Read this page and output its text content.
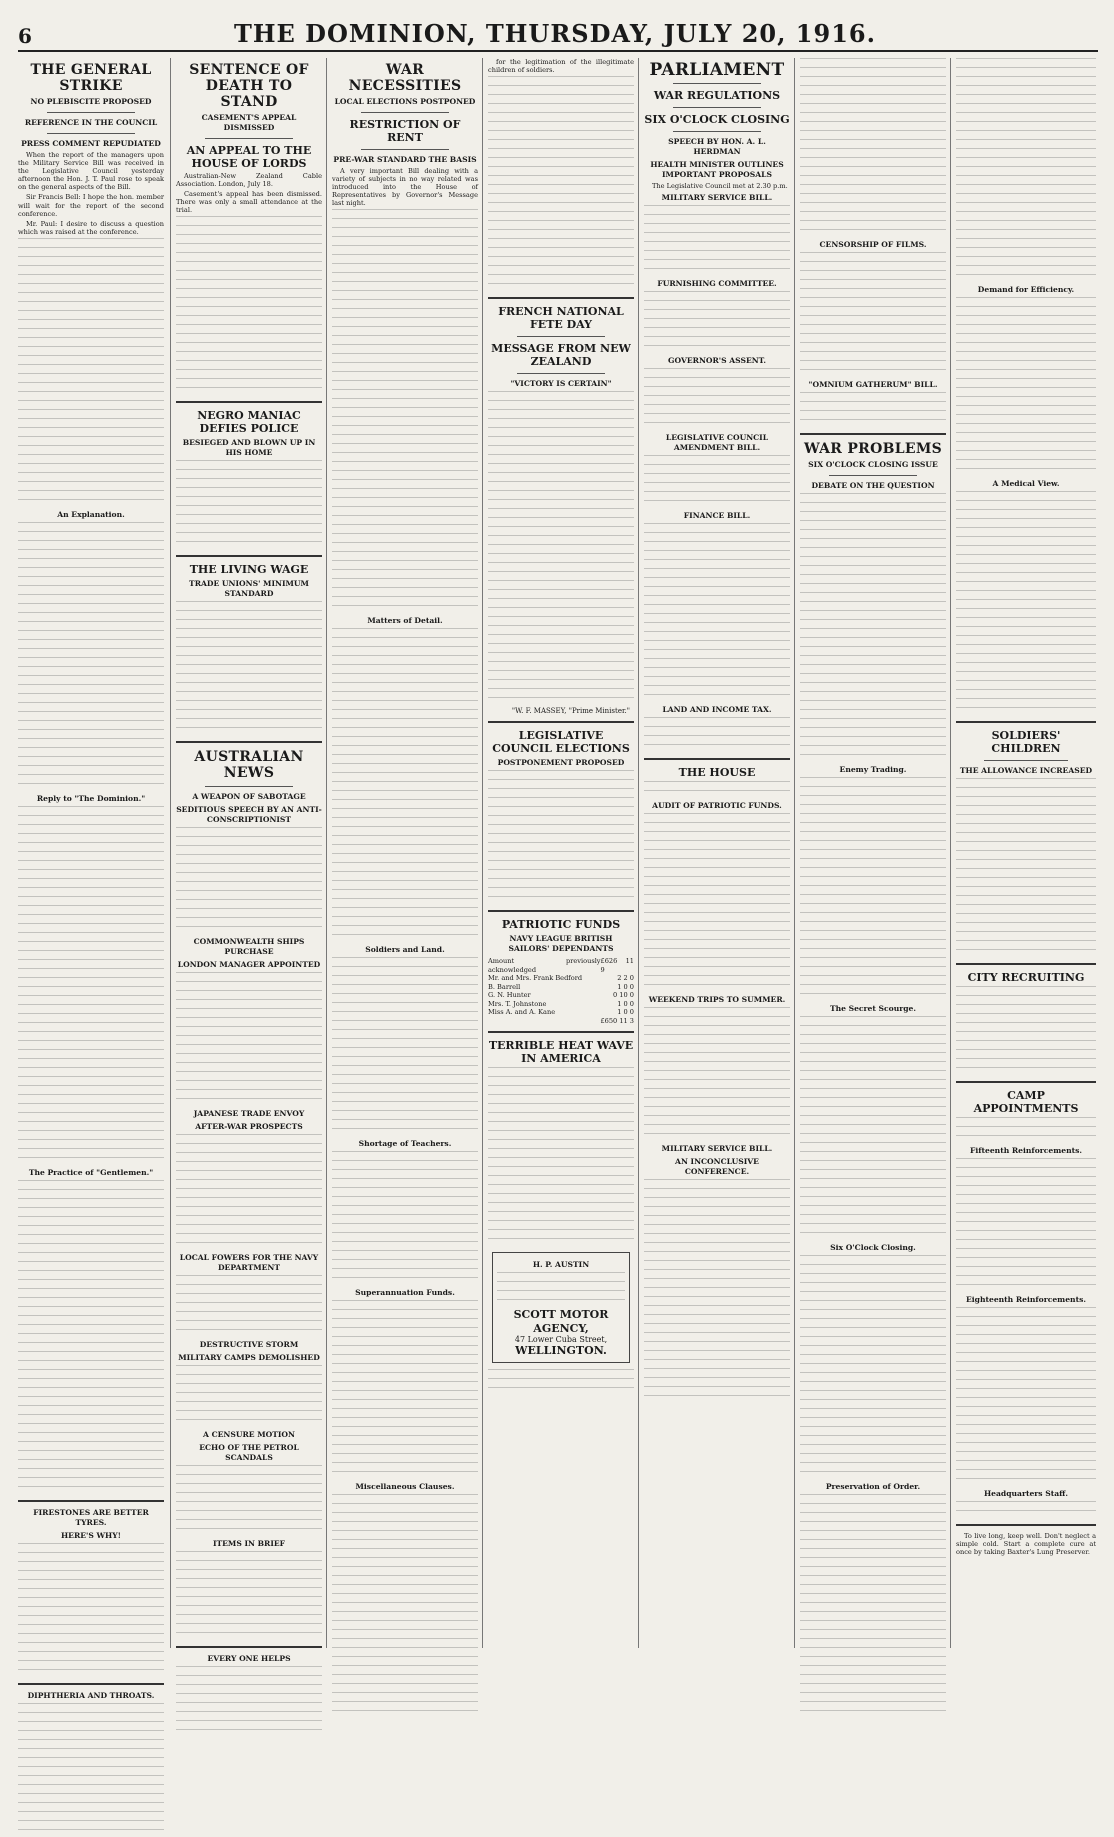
6	THE DOMINION, THURSDAY, JULY 20, 1916.
THE GENERAL STRIKE
NO PLEBISCITE PROPOSED
REFERENCE IN THE COUNCIL
PRESS COMMENT REPUDIATED

When the report of the managers upon the Military Service Bill was received in the Legislative Council yesterday afternoon the Hon. J. T. Paul rose to speak on the general aspects of the Bill.

Sir Francis Bell: I hope the hon. member will wait for the report of the second conference.

Mr. Paul: I desire to discuss a question which was raised at the conference.

An Explanation.
Reply to "The Dominion."
The Practice of "Gentlemen."
FIRESTONES ARE BETTER TYRES.
HERE'S WHY!
DIPHTHERIA AND THROATS.
SENTENCE OF DEATH TO STAND
CASEMENT'S APPEAL DISMISSED
AN APPEAL TO THE HOUSE OF LORDS

Australian-New Zealand Cable Association. London, July 18.

Casement's appeal has been dismissed. There was only a small attendance at the trial.

NEGRO MANIAC DEFIES POLICE
BESIEGED AND BLOWN UP IN HIS HOME
THE LIVING WAGE
TRADE UNIONS' MINIMUM STANDARD
AUSTRALIAN NEWS
A WEAPON OF SABOTAGE
SEDITIOUS SPEECH BY AN ANTI-CONSCRIPTIONIST
COMMONWEALTH SHIPS PURCHASE
LONDON MANAGER APPOINTED
JAPANESE TRADE ENVOY
AFTER-WAR PROSPECTS
LOCAL FOWERS FOR THE NAVY DEPARTMENT
DESTRUCTIVE STORM
MILITARY CAMPS DEMOLISHED
A CENSURE MOTION
ECHO OF THE PETROL SCANDALS
ITEMS IN BRIEF
EVERY ONE HELPS
WAR NECESSITIES
LOCAL ELECTIONS POSTPONED
RESTRICTION OF RENT
PRE-WAR STANDARD THE BASIS

A very important Bill dealing with a variety of subjects in no way related was introduced into the House of Representatives by Governor's Message last night.

Matters of Detail.
Soldiers and Land.
Shortage of Teachers.
Superannuation Funds.
Miscellaneous Clauses.

for the legitimation of the illegitimate children of soldiers.

FRENCH NATIONAL FETE DAY
MESSAGE FROM NEW ZEALAND
"VICTORY IS CERTAIN"
"W. F. MASSEY, "Prime Minister."
LEGISLATIVE COUNCIL ELECTIONS
POSTPONEMENT PROPOSED
PATRIOTIC FUNDS
NAVY LEAGUE BRITISH SAILORS' DEPENDANTS
Amount previously acknowledged
£626 11 9
Mr. and Mrs. Frank Bedford	2 2 0
B. Barrell	1 0 0
G. N. Hunter	0 10 0
Mrs. T. Johnstone	1 0 0
Miss A. and A. Kane	1 0 0
£650 11 3
TERRIBLE HEAT WAVE IN AMERICA
H. P. AUSTIN
SCOTT MOTOR AGENCY,
47 Lower Cuba Street,
WELLINGTON.
PARLIAMENT
WAR REGULATIONS
SIX O'CLOCK CLOSING
SPEECH BY HON. A. L. HERDMAN
HEALTH MINISTER OUTLINES IMPORTANT PROPOSALS

The Legislative Council met at 2.30 p.m.

MILITARY SERVICE BILL.
FURNISHING COMMITTEE.
GOVERNOR'S ASSENT.
LEGISLATIVE COUNCIL AMENDMENT BILL.
FINANCE BILL.
LAND AND INCOME TAX.
THE HOUSE
AUDIT OF PATRIOTIC FUNDS.
WEEKEND TRIPS TO SUMMER.
MILITARY SERVICE BILL.
AN INCONCLUSIVE CONFERENCE.
CENSORSHIP OF FILMS.
"OMNIUM GATHERUM" BILL.
WAR PROBLEMS
SIX O'CLOCK CLOSING ISSUE
DEBATE ON THE QUESTION
Enemy Trading.
The Secret Scourge.
Six O'Clock Closing.
Preservation of Order.
Demand for Efficiency.
A Medical View.
SOLDIERS' CHILDREN
THE ALLOWANCE INCREASED
CITY RECRUITING
CAMP APPOINTMENTS
Fifteenth Reinforcements.
Eighteenth Reinforcements.
Headquarters Staff.

To live long, keep well. Don't neglect a simple cold. Start a complete cure at once by taking Baxter's Lung Preserver.
